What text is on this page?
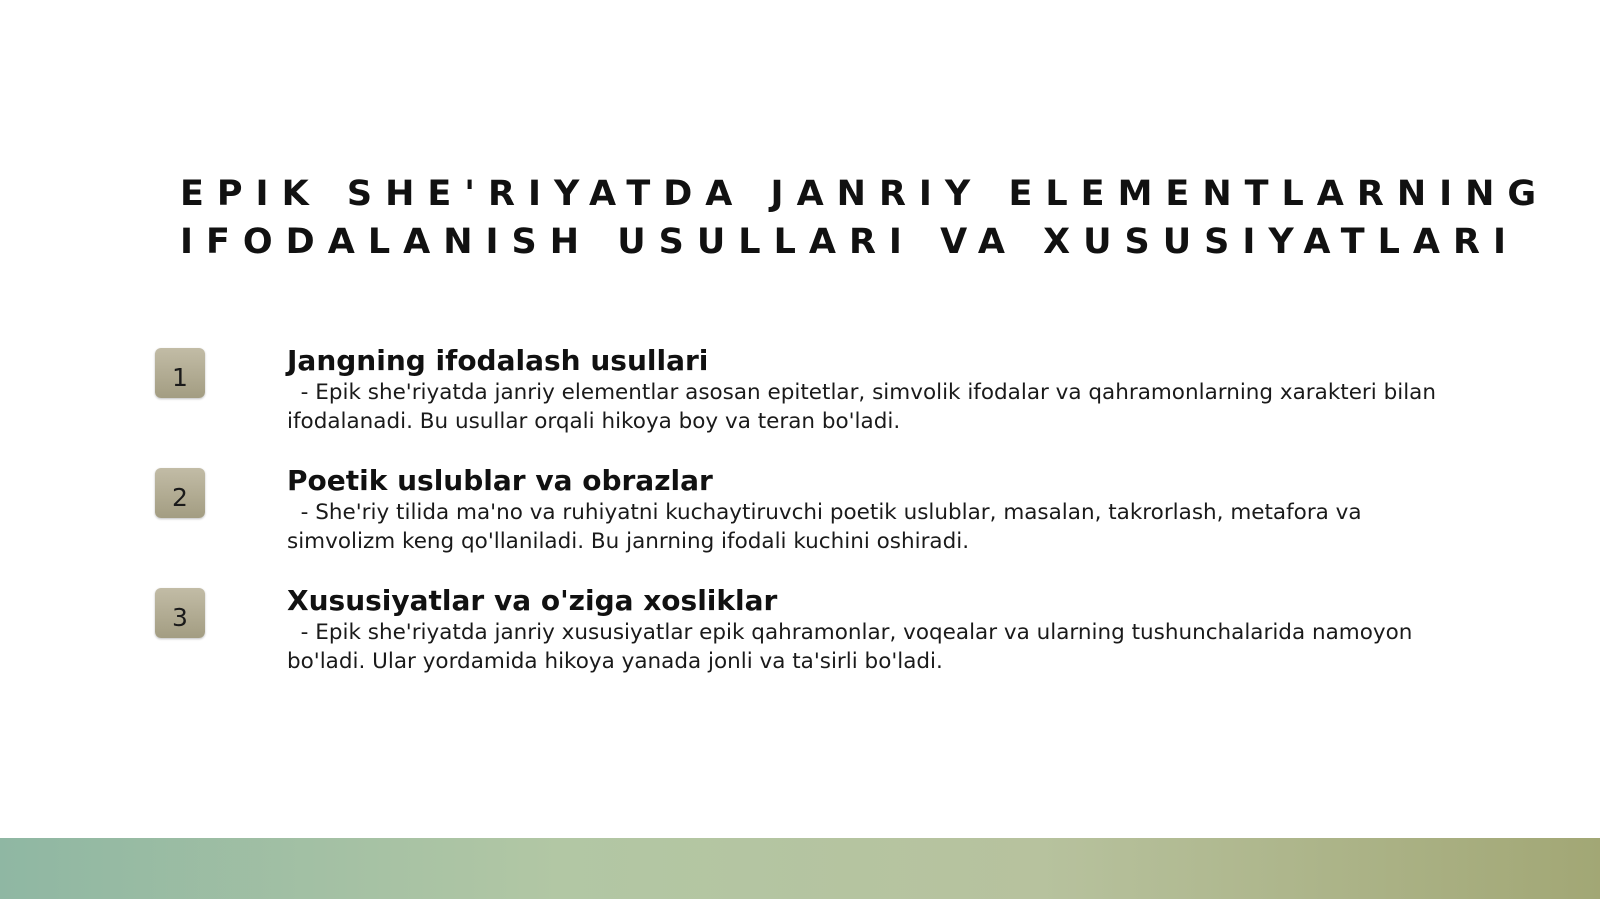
EPIK SHE'RIYATDA JANRIY ELEMENTLARNING
IFODALANISH USULLARI VA XUSUSIYATLARI
1	Jangning ifodalash usullari

- Epik she'riyatda janriy elementlar asosan epitetlar, simvolik ifodalar va qahramonlarning xarakteri bilan ifodalanadi. Bu usullar orqali hikoya boy va teran bo'ladi.

2	Poetik uslublar va obrazlar

- She'riy tilida ma'no va ruhiyatni kuchaytiruvchi poetik uslublar, masalan, takrorlash, metafora va simvolizm keng qo'llaniladi. Bu janrning ifodali kuchini oshiradi.

3	Xususiyatlar va o'ziga xosliklar

- Epik she'riyatda janriy xususiyatlar epik qahramonlar, voqealar va ularning tushunchalarida namoyon bo'ladi. Ular yordamida hikoya yanada jonli va ta'sirli bo'ladi.
